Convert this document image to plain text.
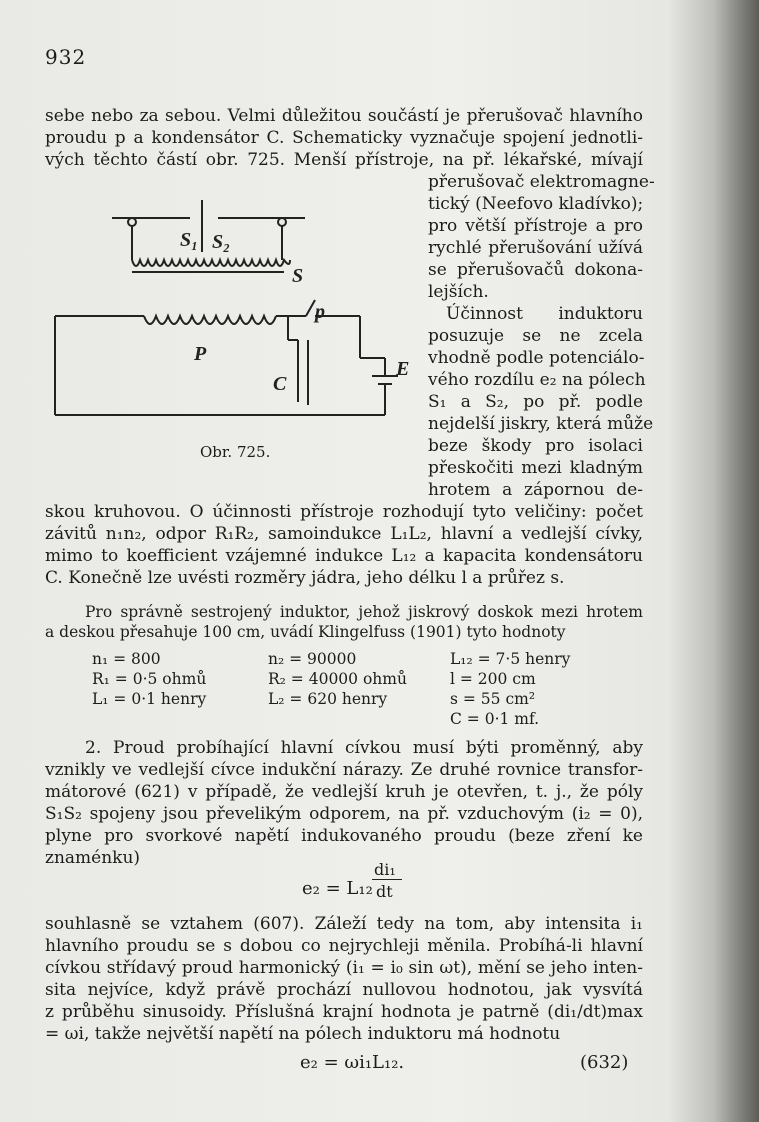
932
sebe nebo za sebou. Velmi důležitou součástí je přerušovač hlavního
proudu p a kondensátor C. Schematicky vyznačuje spojení jednotli-
vých těchto částí obr. 725. Menší přístroje, na př. lékařské, mívají
přerušovač elektromagne-
tický (Neefovo kladívko);
pro větší přístroje a pro
rychlé přerušování užívá
se přerušovačů dokona-
lejších.
Účinnost induktoru
posuzuje se ne zcela
vhodně podle potenciálo-
vého rozdílu e₂ na pólech
S₁ a S₂, po př. podle
nejdelší jiskry, která může
beze škody pro isolaci
přeskočiti mezi kladným
hrotem a zápornou de-
S₁ S₂
S
p
P
C
E
Obr. 725.
skou kruhovou. O účinnosti přístroje rozhodují tyto veličiny: počet
závitů n₁n₂, odpor R₁R₂, samoindukce L₁L₂, hlavní a vedlejší cívky,
mimo to koefficient vzájemné indukce L₁₂ a kapacita kondensátoru
C. Konečně lze uvésti rozměry jádra, jeho délku l a průřez s.
Pro správně sestrojený induktor, jehož jiskrový doskok mezi hrotem
a deskou přesahuje 100 cm, uvádí Klingelfuss (1901) tyto hodnoty
n₁ = 800	n₂ = 90000	L₁₂ = 7·5 henry
R₁ = 0·5 ohmů	R₂ = 40000 ohmů	l = 200 cm
L₁ = 0·1 henry	L₂ = 620 henry	s = 55 cm²
C = 0·1 mf.
2. Proud probíhající hlavní cívkou musí býti proměnný, aby
vznikly ve vedlejší cívce indukční nárazy. Ze druhé rovnice transfor-
mátorové (621) v případě, že vedlejší kruh je otevřen, t. j., že póly
S₁S₂ spojeny jsou převelikým odporem, na př. vzduchovým (i₂ = 0),
plyne pro svorkové napětí indukovaného proudu (beze zření ke
znaménku)
e₂ = L₁₂
di₁
dt
souhlasně se vztahem (607). Záleží tedy na tom, aby intensita i₁
hlavního proudu se s dobou co nejrychleji měnila. Probíhá-li hlavní
cívkou střídavý proud harmonický (i₁ = i₀ sin ωt), mění se jeho inten-
sita nejvíce, když právě prochází nullovou hodnotou, jak vysvítá
z průběhu sinusoidy. Příslušná krajní hodnota je patrně (di₁/dt)max
= ωi, takže největší napětí na pólech induktoru má hodnotu
e₂ = ωi₁L₁₂.	(632)
